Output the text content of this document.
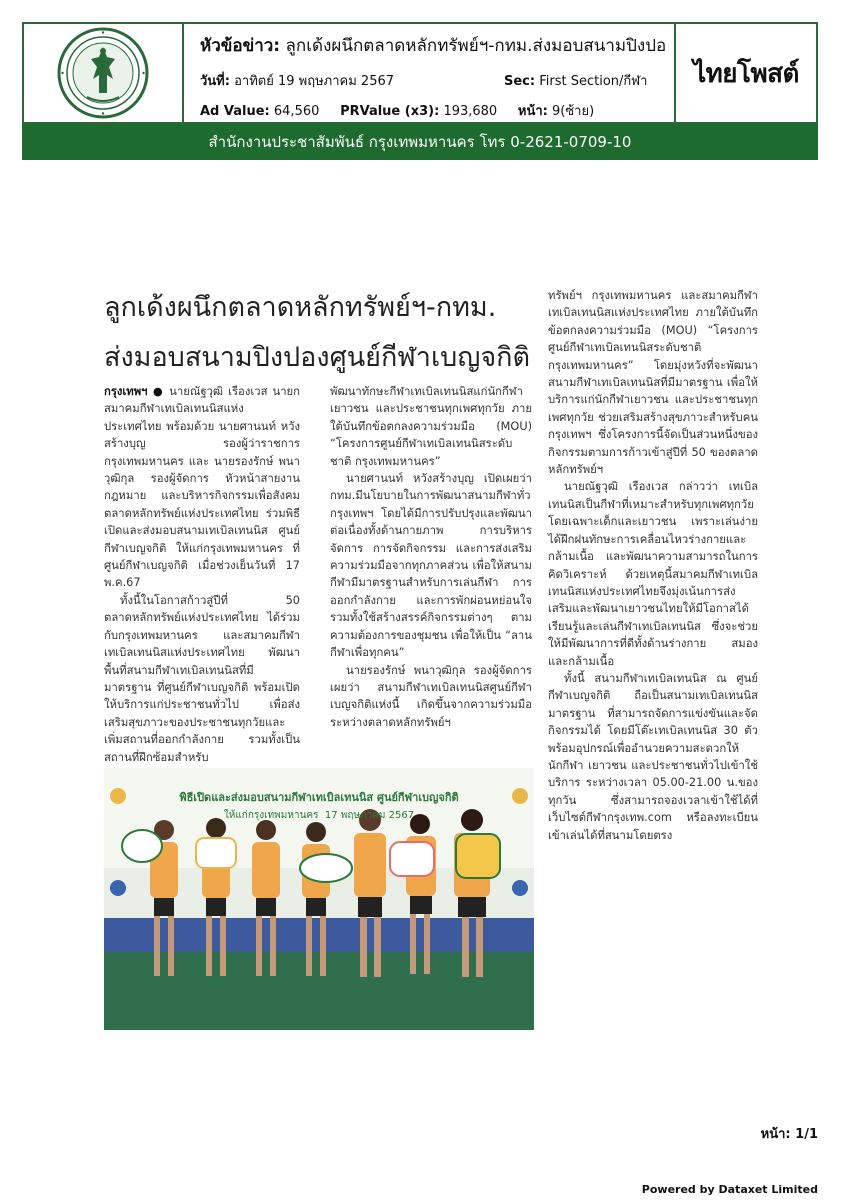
หัวข้อข่าว: ลูกเด้งผนึกตลาดหลักทรัพย์ฯ-กทม.ส่งมอบสนามปิงปอ
วันที่: อาทิตย์ 19 พฤษภาคม 2567	Sec: First Section/กีฬา
Ad Value: 64,560 PRValue (x3): 193,680 หน้า: 9(ซ้าย)
ไทยโพสต์
สำนักงานประชาสัมพันธ์ กรุงเทพมหานคร โทร 0-2621-0709-10
ลูกเด้งผนึกตลาดหลักทรัพย์ฯ-กทม.
ส่งมอบสนามปิงปองศูนย์กีฬาเบญจกิติ

กรุงเทพฯ ● นายณัฐวุฒิ เรืองเวส นายกสมาคมกีฬาเทเบิลเทนนิสแห่งประเทศไทย พร้อมด้วย นายศานนท์ หวังสร้างบุญ รองผู้ว่าราชการกรุงเทพมหานคร และ นายรองรักษ์ พนาวุฒิกุล รองผู้จัดการ หัวหน้าสายงานกฎหมาย และบริหารกิจกรรมเพื่อสังคม ตลาดหลักทรัพย์แห่งประเทศไทย ร่วมพิธีเปิดและส่งมอบสนามเทเบิลเทนนิส ศูนย์กีฬาเบญจกิติ ให้แก่กรุงเทพมหานคร ที่ศูนย์กีฬาเบญจกิติ เมื่อช่วงเย็นวันที่ 17 พ.ค.67

ทั้งนี้ในโอกาสก้าวสู่ปีที่ 50 ตลาดหลักทรัพย์แห่งประเทศไทย ได้ร่วมกับกรุงเทพมหานคร และสมาคมกีฬาเทเบิลเทนนิสแห่งประเทศไทย พัฒนาพื้นที่สนามกีฬาเทเบิลเทนนิสที่มีมาตรฐาน ที่ศูนย์กีฬาเบญจกิติ พร้อมเปิดให้บริการแก่ประชาชนทั่วไป เพื่อส่งเสริมสุขภาวะของประชาชนทุกวัยและเพิ่มสถานที่ออกกำลังกาย รวมทั้งเป็นสถานที่ฝึกซ้อมสำหรับ

พัฒนาทักษะกีฬาเทเบิลเทนนิสแก่นักกีฬาเยาวชน และประชาชนทุกเพศทุกวัย ภายใต้บันทึกข้อตกลงความร่วมมือ (MOU) “โครงการศูนย์กีฬาเทเบิลเทนนิสระดับชาติ กรุงเทพมหานคร”

นายศานนท์ หวังสร้างบุญ เปิดเผยว่า กทม.มีนโยบายในการพัฒนาสนามกีฬาทั่วกรุงเทพฯ โดยได้มีการปรับปรุงและพัฒนาต่อเนื่องทั้งด้านกายภาพ การบริหารจัดการ การจัดกิจกรรม และการส่งเสริมความร่วมมือจากทุกภาคส่วน เพื่อให้สนามกีฬามีมาตรฐานสำหรับการเล่นกีฬา การออกกำลังกาย และการพักผ่อนหย่อนใจ รวมทั้งใช้สร้างสรรค์กิจกรรมต่างๆ ตามความต้องการของชุมชน เพื่อให้เป็น “ลานกีฬาเพื่อทุกคน”

นายรองรักษ์ พนาวุฒิกุล รองผู้จัดการ เผยว่า สนามกีฬาเทเบิลเทนนิสศูนย์กีฬาเบญจกิติแห่งนี้ เกิดขึ้นจากความร่วมมือระหว่างตลาดหลักทรัพย์ฯ

ทรัพย์ฯ กรุงเทพมหานคร และสมาคมกีฬาเทเบิลเทนนิสแห่งประเทศไทย ภายใต้บันทึกข้อตกลงความร่วมมือ (MOU) “โครงการศูนย์กีฬาเทเบิลเทนนิสระดับชาติ กรุงเทพมหานคร” โดยมุ่งหวังที่จะพัฒนาสนามกีฬาเทเบิลเทนนิสที่มีมาตรฐาน เพื่อให้บริการแก่นักกีฬาเยาวชน และประชาชนทุกเพศทุกวัย ช่วยเสริมสร้างสุขภาวะสำหรับคนกรุงเทพฯ ซึ่งโครงการนี้จัดเป็นส่วนหนึ่งของกิจกรรมตามการก้าวเข้าสู่ปีที่ 50 ของตลาดหลักทรัพย์ฯ

นายณัฐวุฒิ เรืองเวส กล่าวว่า เทเบิลเทนนิสเป็นกีฬาที่เหมาะสำหรับทุกเพศทุกวัย โดยเฉพาะเด็กและเยาวชน เพราะเล่นง่าย ได้ฝึกฝนทักษะการเคลื่อนไหวร่างกายและกล้ามเนื้อ และพัฒนาความสามารถในการคิดวิเคราะห์ ด้วยเหตุนี้สมาคมกีฬาเทเบิลเทนนิสแห่งประเทศไทยจึงมุ่งเน้นการส่งเสริมและพัฒนาเยาวชนไทยให้มีโอกาสได้เรียนรู้และเล่นกีฬาเทเบิลเทนนิส ซึ่งจะช่วยให้มีพัฒนาการที่ดีทั้งด้านร่างกาย สมอง และกล้ามเนื้อ

ทั้งนี้ สนามกีฬาเทเบิลเทนนิส ณ ศูนย์กีฬาเบญจกิติ ถือเป็นสนามเทเบิลเทนนิสมาตรฐาน ที่สามารถจัดการแข่งขันและจัดกิจกรรมได้ โดยมีโต๊ะเทเบิลเทนนิส 30 ตัว พร้อมอุปกรณ์เพื่ออำนวยความสะดวกให้นักกีฬา เยาวชน และประชาชนทั่วไปเข้าใช้บริการ ระหว่างเวลา 05.00-21.00 น.ของทุกวัน ซึ่งสามารถจองเวลาเข้าใช้ได้ที่เว็บไซต์กีฬากรุงเทพ.com หรือลงทะเบียนเข้าเล่นได้ที่สนามโดยตรง

พิธีเปิดและส่งมอบสนามกีฬาเทเบิลเทนนิส ศูนย์กีฬาเบญจกิติ
ให้แก่กรุงเทพมหานคร 17 พฤษภาคม 2567
หน้า: 1/1
Powered by Dataxet Limited
